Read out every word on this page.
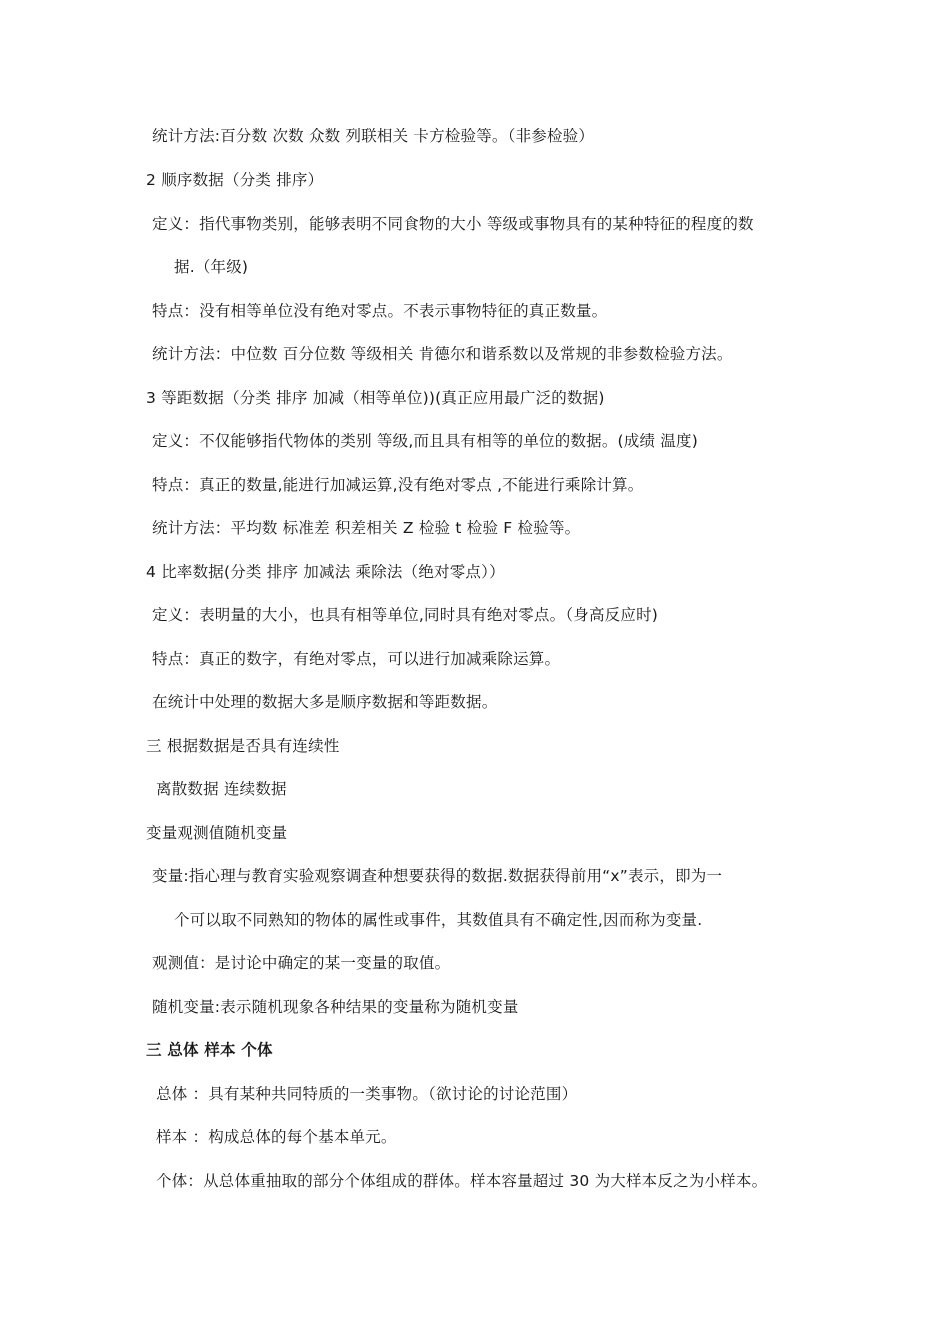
统计方法:百分数 次数 众数 列联相关 卡方检验等。（非参检验）
2 顺序数据（分类 排序）
定义：指代事物类别，能够表明不同食物的大小 等级或事物具有的某种特征的程度的数
据.（年级)
特点：没有相等单位没有绝对零点。不表示事物特征的真正数量。
统计方法：中位数 百分位数 等级相关 肯德尔和谐系数以及常规的非参数检验方法。
3 等距数据（分类 排序 加减（相等单位))(真正应用最广泛的数据)
定义：不仅能够指代物体的类别 等级,而且具有相等的单位的数据。(成绩 温度)
特点：真正的数量,能进行加减运算,没有绝对零点 ,不能进行乘除计算。
统计方法：平均数 标准差 积差相关 Z 检验 t 检验 F 检验等。
4 比率数据(分类 排序 加减法 乘除法（绝对零点））
定义：表明量的大小，也具有相等单位,同时具有绝对零点。（身高反应时)
特点：真正的数字，有绝对零点，可以进行加减乘除运算。
在统计中处理的数据大多是顺序数据和等距数据。
三 根据数据是否具有连续性
离散数据 连续数据
变量观测值随机变量
变量:指心理与教育实验观察调查种想要获得的数据.数据获得前用“x”表示，即为一
个可以取不同熟知的物体的属性或事件，其数值具有不确定性,因而称为变量.
观测值：是讨论中确定的某一变量的取值。
随机变量:表示随机现象各种结果的变量称为随机变量
三 总体 样本 个体
总体 ：具有某种共同特质的一类事物。（欲讨论的讨论范围）
样本 ：构成总体的每个基本单元。
个体：从总体重抽取的部分个体组成的群体。样本容量超过 30 为大样本反之为小样本。
